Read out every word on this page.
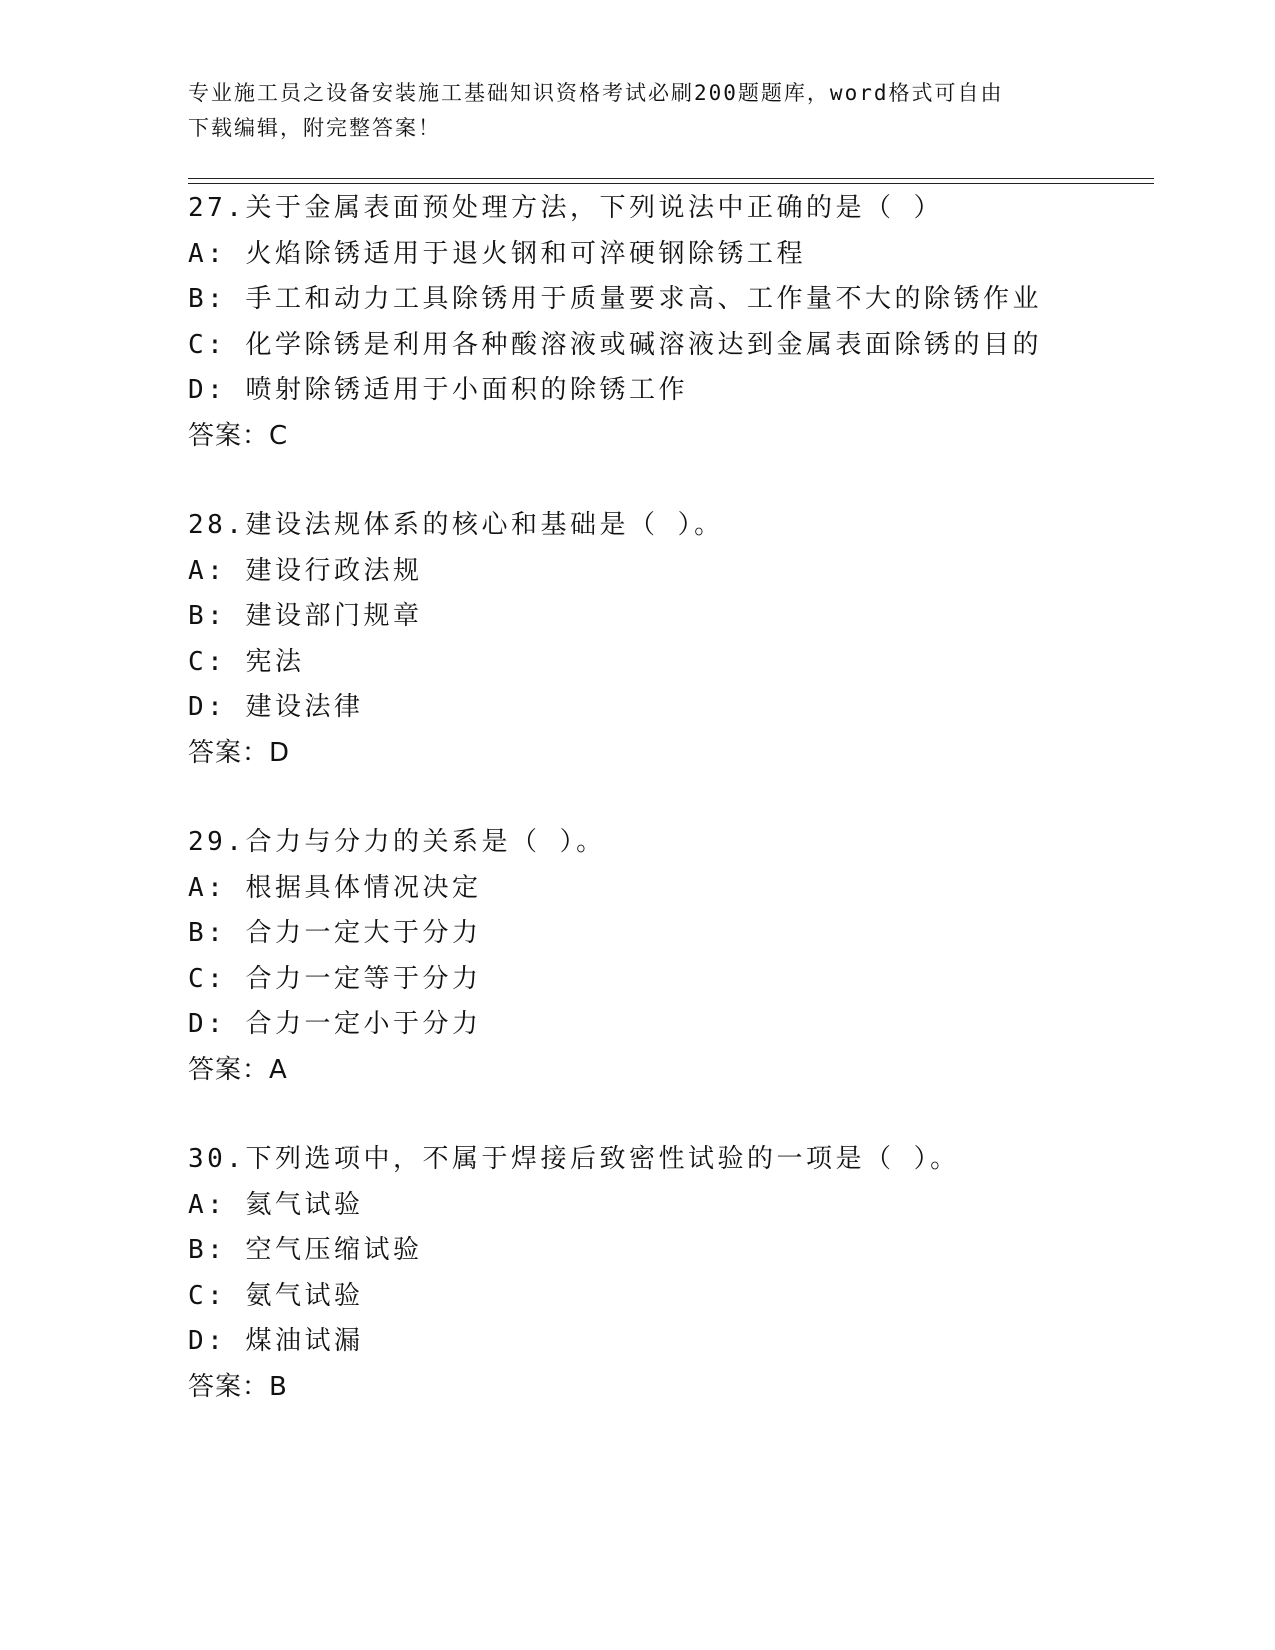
专业施工员之设备安装施工基础知识资格考试必刷200题题库，word格式可自由
下载编辑，附完整答案！
27.关于金属表面预处理方法，下列说法中正确的是（ ）
A: 火焰除锈适用于退火钢和可淬硬钢除锈工程
B: 手工和动力工具除锈用于质量要求高、工作量不大的除锈作业
C: 化学除锈是利用各种酸溶液或碱溶液达到金属表面除锈的目的
D: 喷射除锈适用于小面积的除锈工作
答案：C
28.建设法规体系的核心和基础是（ ）。
A: 建设行政法规
B: 建设部门规章
C: 宪法
D: 建设法律
答案：D
29.合力与分力的关系是（ ）。
A: 根据具体情况决定
B: 合力一定大于分力
C: 合力一定等于分力
D: 合力一定小于分力
答案：A
30.下列选项中，不属于焊接后致密性试验的一项是（ ）。
A: 氦气试验
B: 空气压缩试验
C: 氨气试验
D: 煤油试漏
答案：B
